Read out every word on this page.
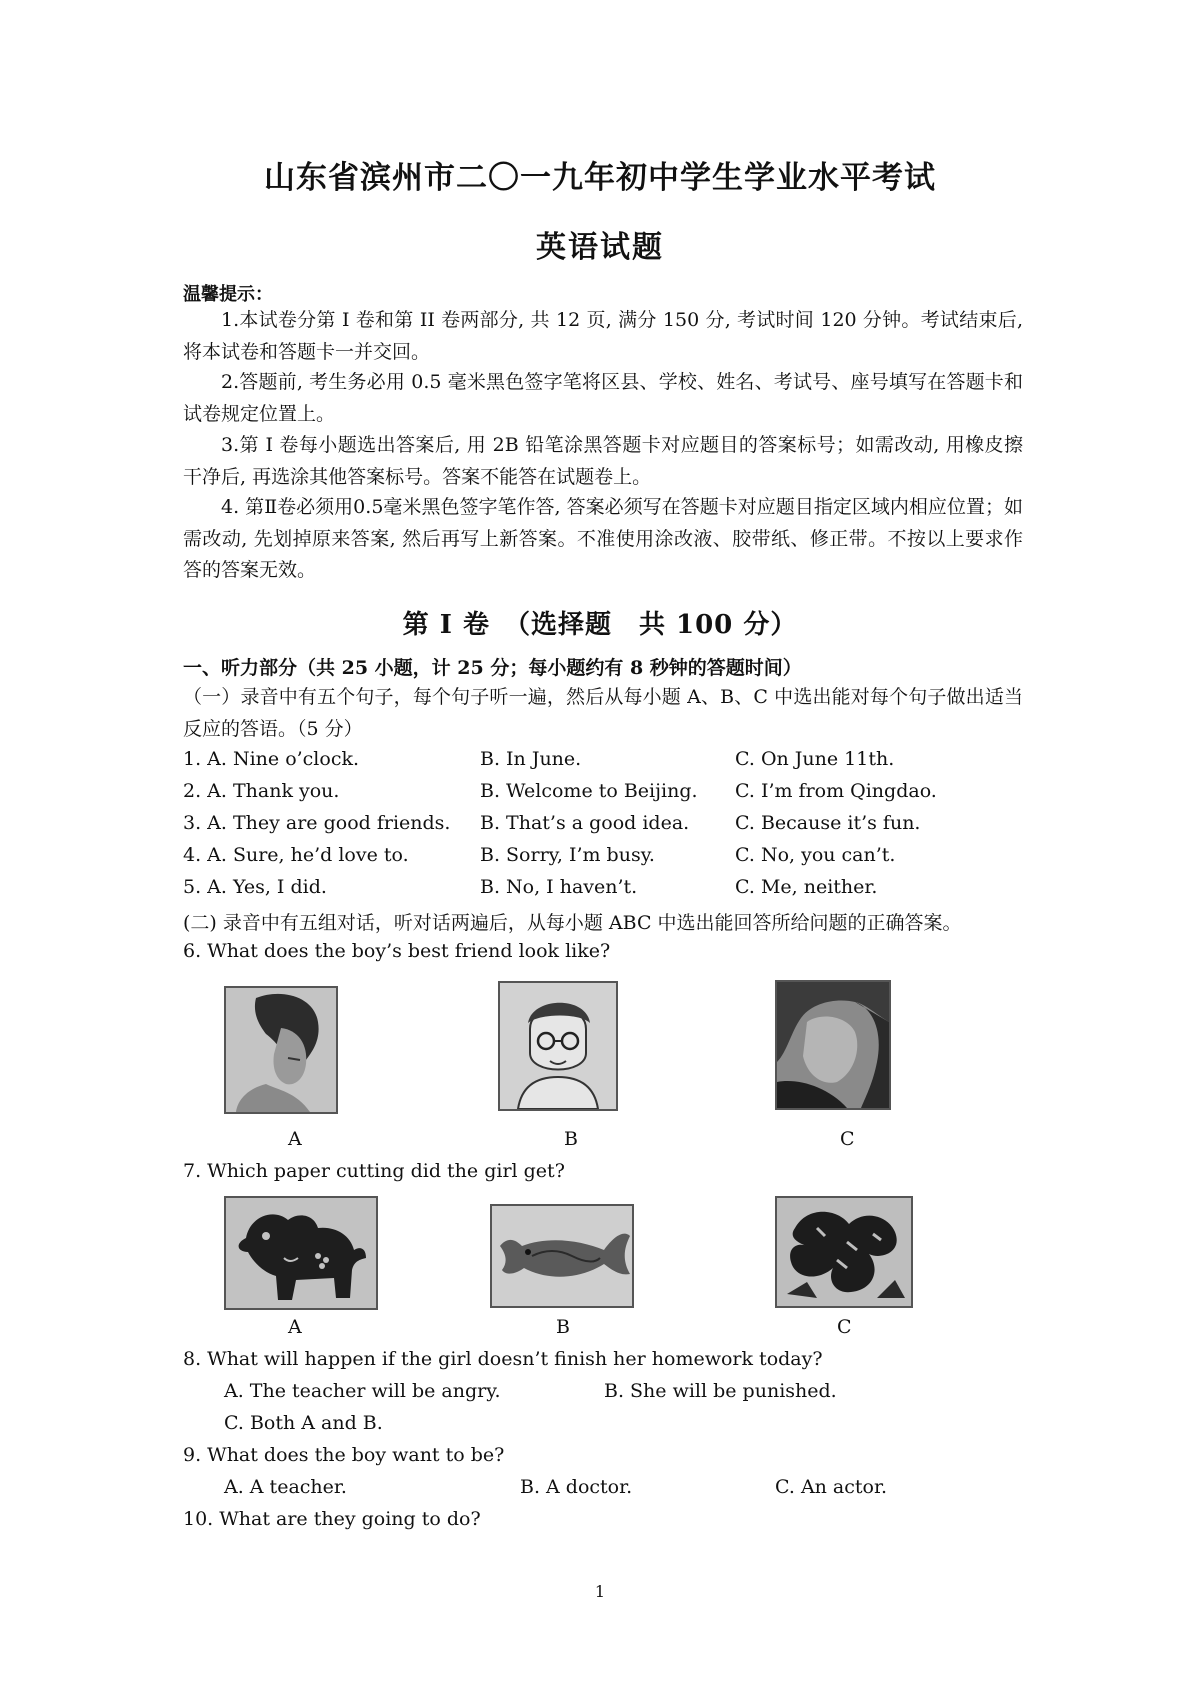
山东省滨州市二〇一九年初中学生学业水平考试
英语试题
温馨提示：
1.本试卷分第 I 卷和第 II 卷两部分, 共 12 页, 满分 150 分, 考试时间 120 分钟。考试结束后, 将本试卷和答题卡一并交回。
2.答题前, 考生务必用 0.5 毫米黑色签字笔将区县、学校、姓名、考试号、座号填写在答题卡和试卷规定位置上。
3.第 I 卷每小题选出答案后, 用 2B 铅笔涂黑答题卡对应题目的答案标号；如需改动, 用橡皮擦干净后, 再选涂其他答案标号。答案不能答在试题卷上。
4. 第Ⅱ卷必须用0.5毫米黑色签字笔作答, 答案必须写在答题卡对应题目指定区域内相应位置；如需改动, 先划掉原来答案, 然后再写上新答案。不准使用涂改液、胶带纸、修正带。不按以上要求作答的答案无效。
第 I 卷　（选择题　共 100 分）
一、听力部分（共 25 小题，计 25 分；每小题约有 8 秒钟的答题时间）
（一）录音中有五个句子，每个句子听一遍，然后从每小题 A、B、C 中选出能对每个句子做出适当反应的答语。（5 分）
1. A. Nine o’clock.	B. In June.	C. On June 11th.
2. A. Thank you.	B. Welcome to Beijing. C. I’m from Qingdao.
3. A. They are good friends. B. That’s a good idea. C. Because it’s fun.
4. A. Sure, he’d love to.	B. Sorry, I’m busy.	C. No, you can’t.
5. A. Yes, I did.	B. No, I haven’t.	C. Me, neither.
(二) 录音中有五组对话，听对话两遍后，从每小题 ABC 中选出能回答所给问题的正确答案。
6. What does the boy’s best friend look like?
A	B	C
7. Which paper cutting did the girl get?
A	B	C
8. What will happen if the girl doesn’t finish her homework today?
A. The teacher will be angry.	B. She will be punished.
C. Both A and B.
9. What does the boy want to be?
A. A teacher.	B. A doctor.	C. An actor.
10. What are they going to do?
1
